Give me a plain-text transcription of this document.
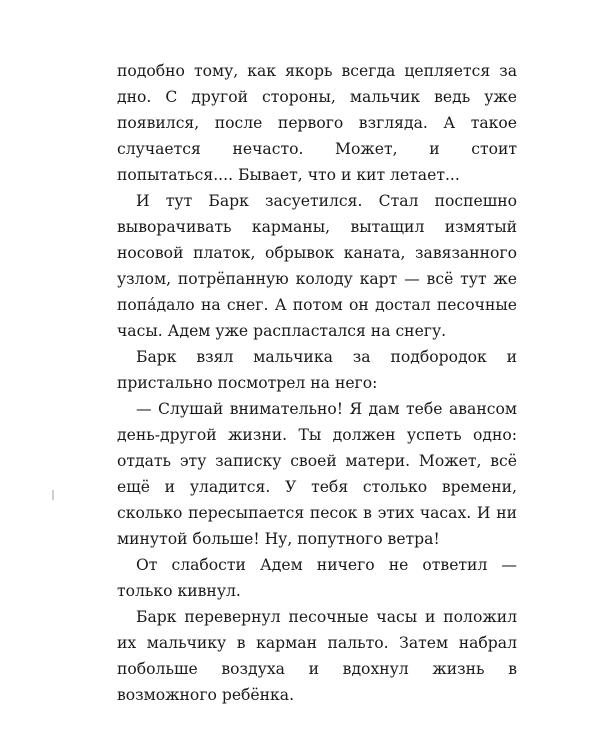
подобно тому, как якорь всегда цепляется за дно. С другой стороны, мальчик ведь уже появился, после первого взгляда. А такое случается нечасто. Может, и стоит попытаться.... Бывает, что и кит летает...

И тут Барк засуетился. Стал поспешно выворачивать карманы, вытащил измятый носовой платок, обрывок каната, завязанного узлом, потрёпанную колоду карт — всё тут же попáдало на снег. А потом он достал песочные часы. Адем уже распластался на снегу.

Барк взял мальчика за подбородок и пристально посмотрел на него:

— Слушай внимательно! Я дам тебе авансом день-другой жизни. Ты должен успеть одно: отдать эту записку своей матери. Может, всё ещё и уладится. У тебя столько времени, сколько пересыпается песок в этих часах. И ни минутой больше! Ну, попутного ветра!

От слабости Адем ничего не ответил — только кивнул.

Барк перевернул песочные часы и положил их мальчику в карман пальто. Затем набрал побольше воздуха и вдохнул жизнь в возможного ребёнка.
